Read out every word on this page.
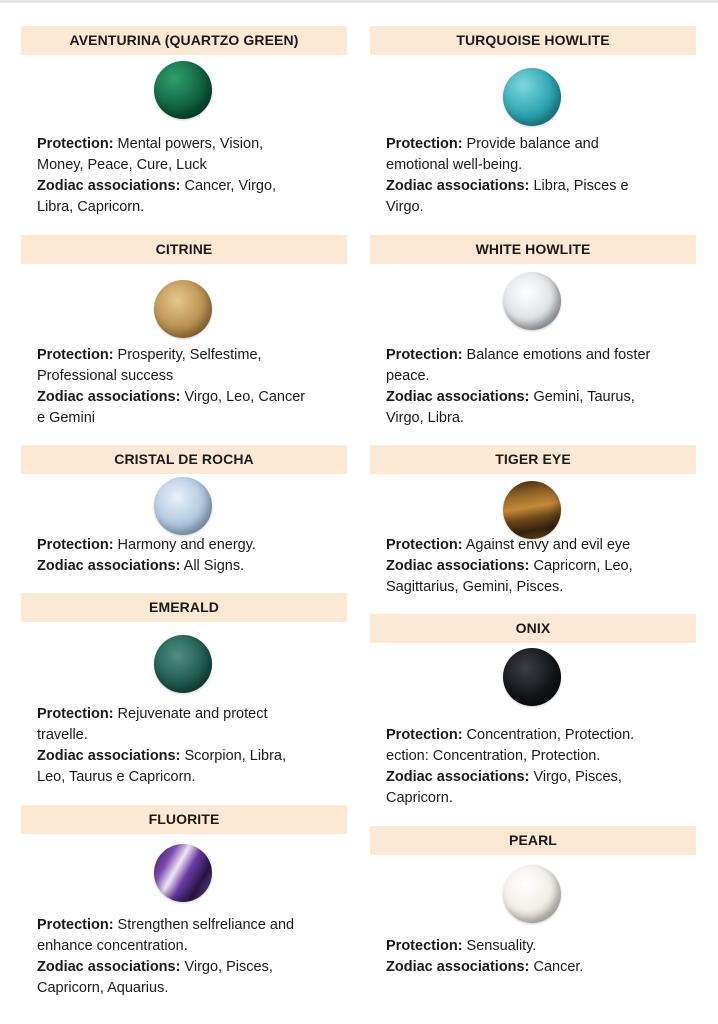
AVENTURINA (QUARTZO GREEN)
Protection: Mental powers, Vision,
Money, Peace, Cure, Luck
Zodiac associations: Cancer, Virgo,
Libra, Capricorn.
CITRINE
Protection: Prosperity, Selfestime,
Professional success
Zodiac associations: Virgo, Leo, Cancer
e Gemini
CRISTAL DE ROCHA
Protection: Harmony and energy.
Zodiac associations: All Signs.
EMERALD
Protection: Rejuvenate and protect
travelle.
Zodiac associations: Scorpion, Libra,
Leo, Taurus e Capricorn.
FLUORITE
Protection: Strengthen selfreliance and
enhance concentration.
Zodiac associations: Virgo, Pisces,
Capricorn, Aquarius.
TURQUOISE HOWLITE
Protection: Provide balance and
emotional well-being.
Zodiac associations: Libra, Pisces e
Virgo.
WHITE HOWLITE
Protection: Balance emotions and foster
peace.
Zodiac associations: Gemini, Taurus,
Virgo, Libra.
TIGER EYE
Protection: Against envy and evil eye
Zodiac associations: Capricorn, Leo,
Sagittarius, Gemini, Pisces.
ONIX
Protection: Concentration, Protection.
ection: Concentration, Protection.
Zodiac associations: Virgo, Pisces,
Capricorn.
PEARL
Protection: Sensuality.
Zodiac associations: Cancer.
